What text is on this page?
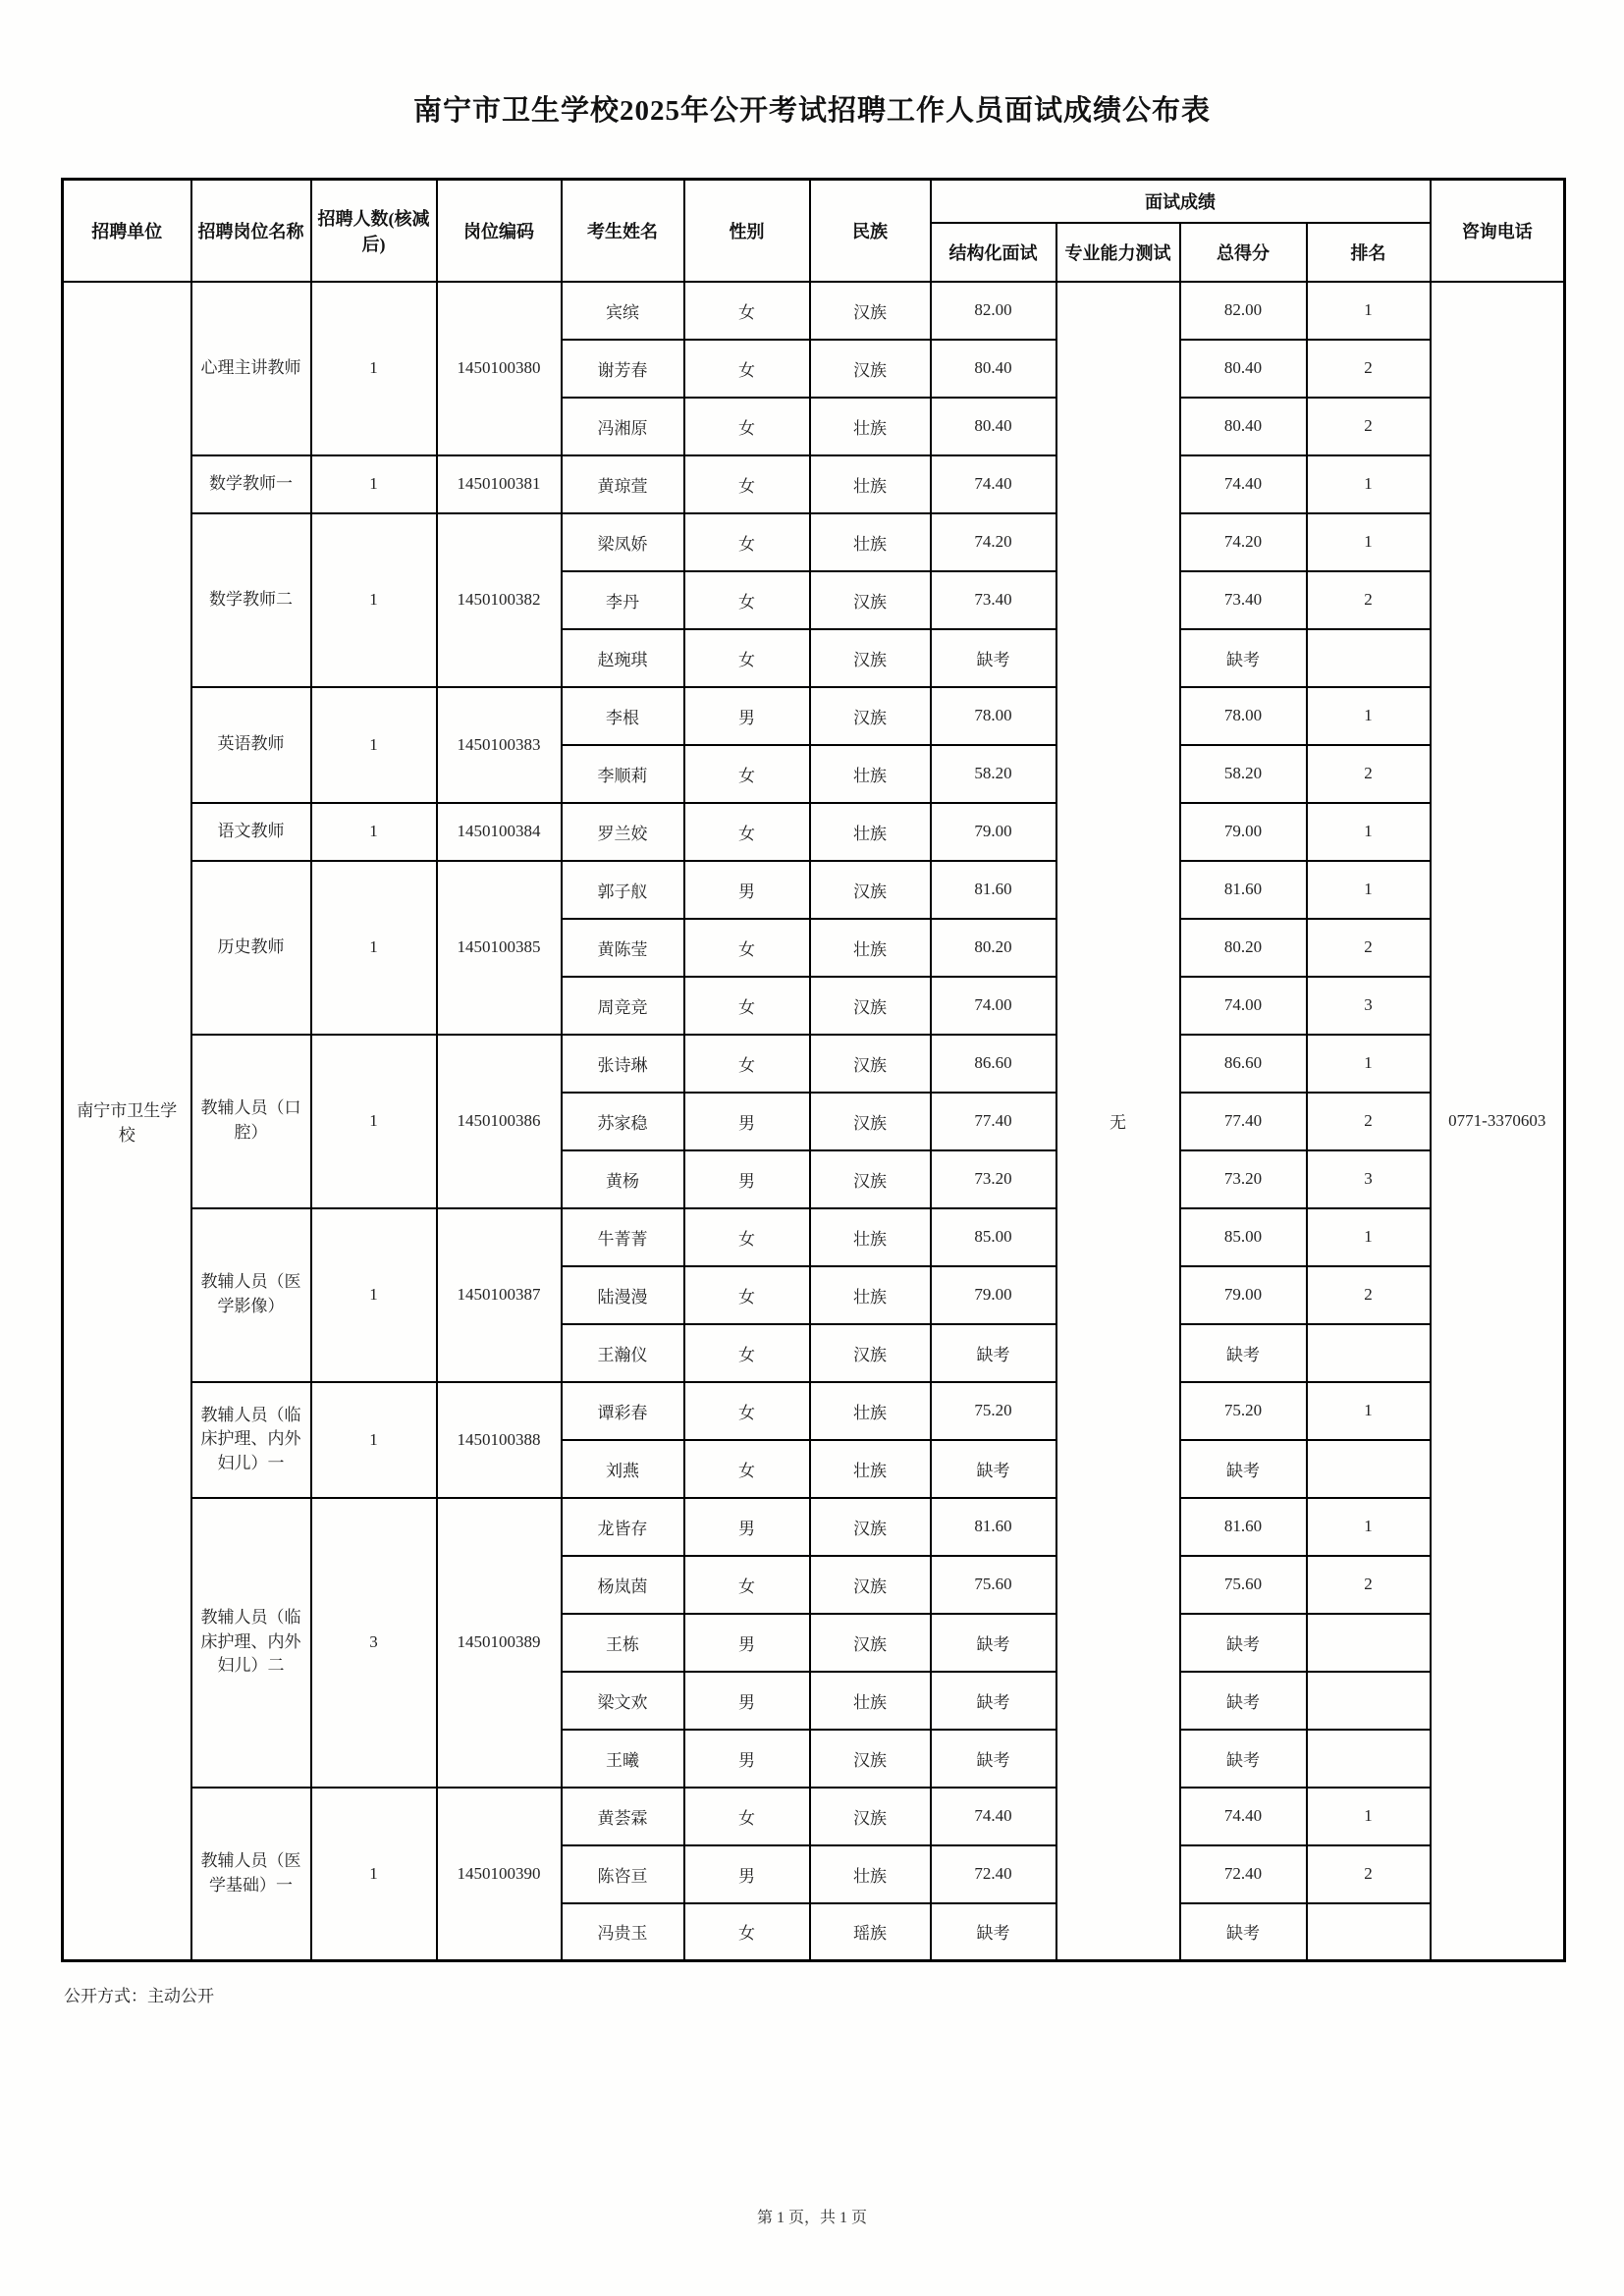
南宁市卫生学校2025年公开考试招聘工作人员面试成绩公布表
招聘单位	招聘岗位名称	招聘人数(核减后)	岗位编码	考生姓名	性别	民族	面试成绩				咨询电话
							结构化面试	专业能力测试	总得分	排名	
南宁市卫生学校	心理主讲教师	1	1450100380	宾缤	女	汉族	82.00	无	82.00	1	0771-3370603
				谢芳春	女	汉族	80.40		80.40	2	
				冯湘原	女	壮族	80.40		80.40	2	
	数学教师一	1	1450100381	黄琼萱	女	壮族	74.40		74.40	1	
	数学教师二	1	1450100382	梁凤娇	女	壮族	74.20		74.20	1	
				李丹	女	汉族	73.40		73.40	2	
				赵琬琪	女	汉族	缺考		缺考		
	英语教师	1	1450100383	李根	男	汉族	78.00		78.00	1	
				李顺莉	女	壮族	58.20		58.20	2	
	语文教师	1	1450100384	罗兰姣	女	壮族	79.00		79.00	1	
	历史教师	1	1450100385	郭子舣	男	汉族	81.60		81.60	1	
				黄陈莹	女	壮族	80.20		80.20	2	
				周竞竞	女	汉族	74.00		74.00	3	
	教辅人员（口腔）	1	1450100386	张诗琳	女	汉族	86.60		86.60	1	
				苏家稳	男	汉族	77.40		77.40	2	
				黄杨	男	汉族	73.20		73.20	3	
	教辅人员（医学影像）	1	1450100387	牛菁菁	女	壮族	85.00		85.00	1	
				陆漫漫	女	壮族	79.00		79.00	2	
				王瀚仪	女	汉族	缺考		缺考		
	教辅人员（临床护理、内外妇儿）一	1	1450100388	谭彩春	女	壮族	75.20		75.20	1	
				刘燕	女	壮族	缺考		缺考		
	教辅人员（临床护理、内外妇儿）二	3	1450100389	龙皆存	男	汉族	81.60		81.60	1	
				杨岚茵	女	汉族	75.60		75.60	2	
				王栋	男	汉族	缺考		缺考		
				梁文欢	男	壮族	缺考		缺考		
				王曦	男	汉族	缺考		缺考		
	教辅人员（医学基础）一	1	1450100390	黄荟霖	女	汉族	74.40		74.40	1	
				陈咨亘	男	壮族	72.40		72.40	2	
				冯贵玉	女	瑶族	缺考		缺考		
公开方式：主动公开
第 1 页，共 1 页
